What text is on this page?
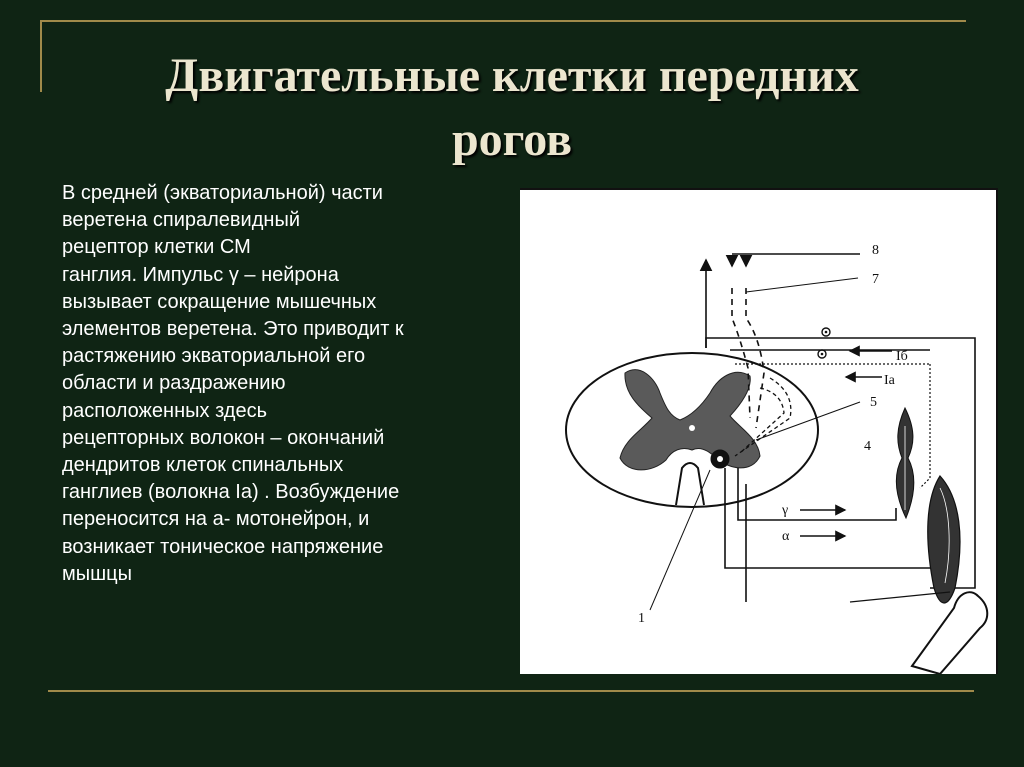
Двигательные клетки передних
рогов
В средней (экваториальной) части
веретена спиралевидный
рецептор клетки СМ
ганглия. Импульс γ – нейрона
вызывает сокращение мышечных
элементов веретена. Это приводит к
растяжению экваториальной его
области и раздражению
расположенных здесь
рецепторных волокон – окончаний
дендритов клеток спинальных
ганглиев (волокна Ia) . Возбуждение
переносится на а- мотонейрон, и
возникает тоническое напряжение
мышцы
8
7
Iб
Ia
5
4
γ
α
1
